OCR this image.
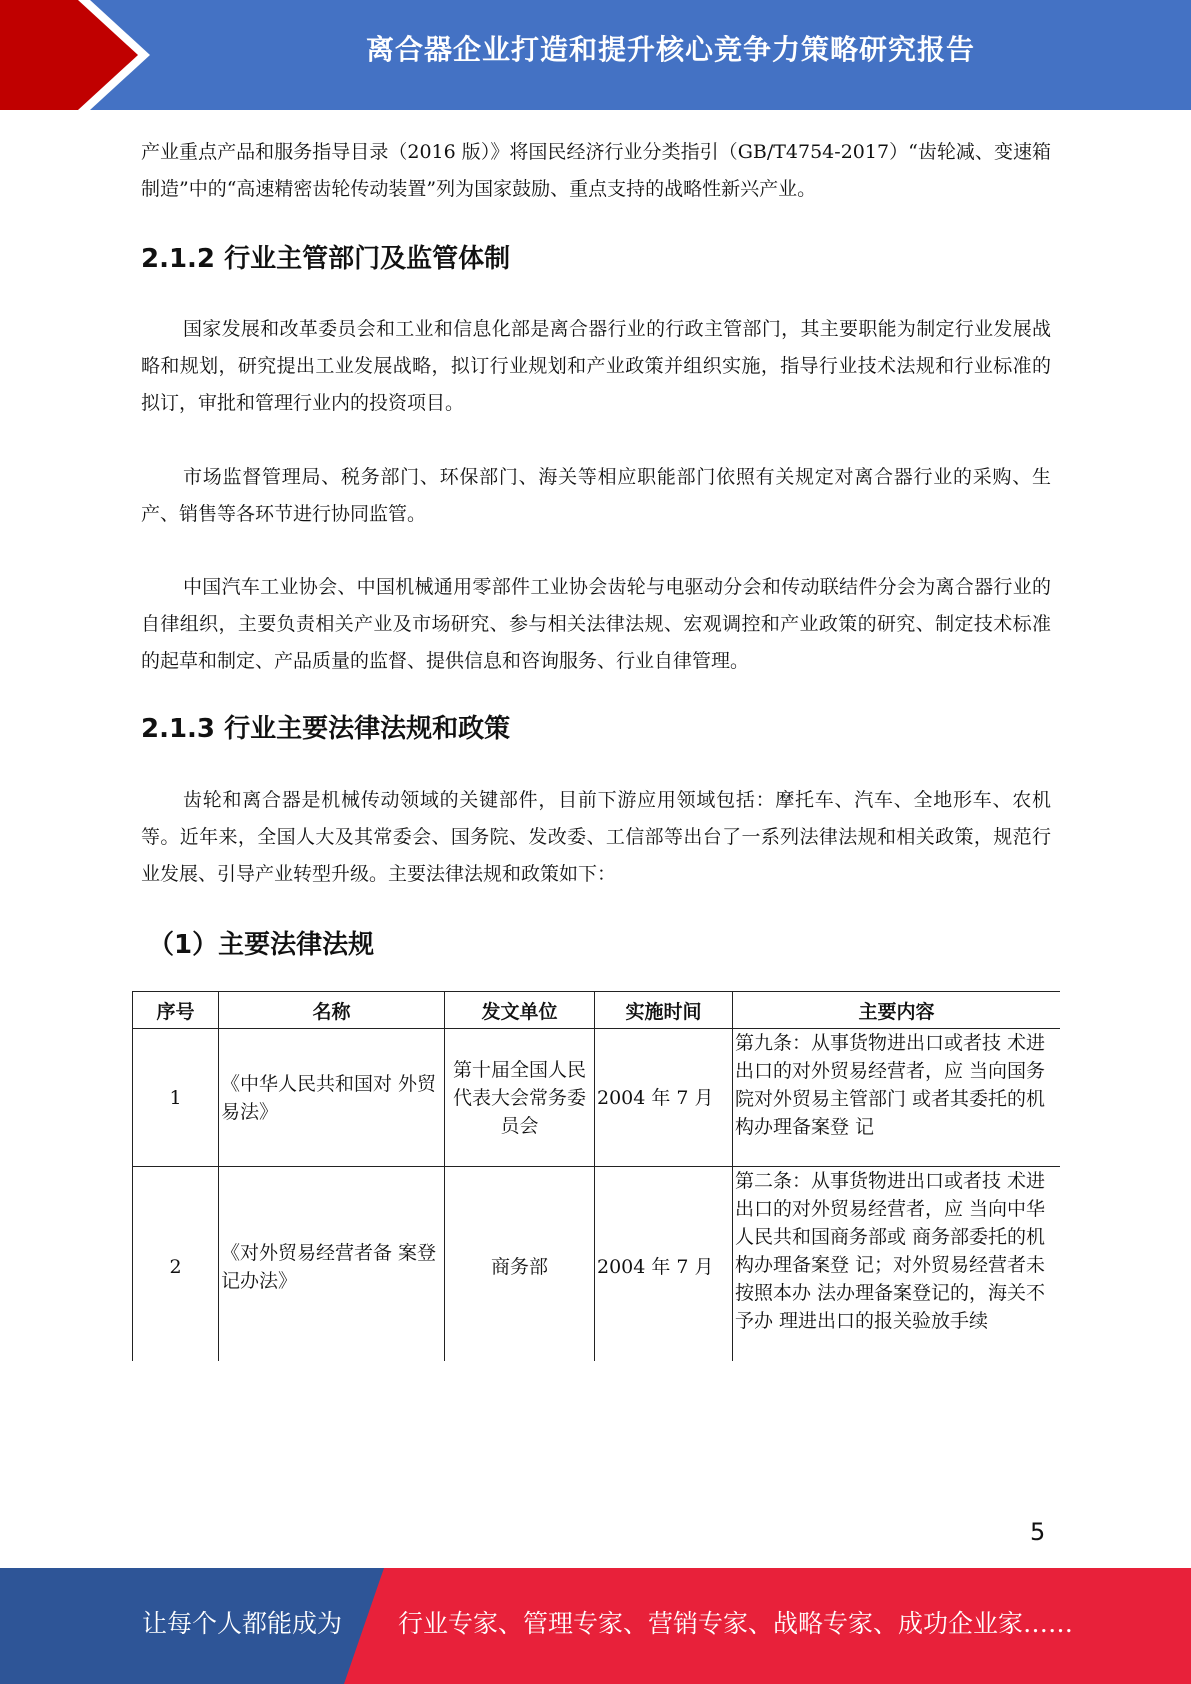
离合器企业打造和提升核心竞争力策略研究报告

产业重点产品和服务指导目录（2016 版）》将国民经济行业分类指引（GB/T4754-2017）“齿轮减、变速箱制造”中的“高速精密齿轮传动装置”列为国家鼓励、重点支持的战略性新兴产业。

2.1.2 行业主管部门及监管体制

国家发展和改革委员会和工业和信息化部是离合器行业的行政主管部门，其主要职能为制定行业发展战略和规划，研究提出工业发展战略，拟订行业规划和产业政策并组织实施，指导行业技术法规和行业标准的拟订，审批和管理行业内的投资项目。

市场监督管理局、税务部门、环保部门、海关等相应职能部门依照有关规定对离合器行业的采购、生产、销售等各环节进行协同监管。

中国汽车工业协会、中国机械通用零部件工业协会齿轮与电驱动分会和传动联结件分会为离合器行业的自律组织，主要负责相关产业及市场研究、参与相关法律法规、宏观调控和产业政策的研究、制定技术标准的起草和制定、产品质量的监督、提供信息和咨询服务、行业自律管理。

2.1.3 行业主要法律法规和政策

齿轮和离合器是机械传动领域的关键部件，目前下游应用领域包括：摩托车、汽车、全地形车、农机等。近年来，全国人大及其常委会、国务院、发改委、工信部等出台了一系列法律法规和相关政策，规范行业发展、引导产业转型升级。主要法律法规和政策如下：

（1）主要法律法规
序号	名称	发文单位	实施时间	主要内容
1	《中华人民共和国对 外贸易法》	第十届全国人民代表大会常务委员会	2004 年 7 月	第九条：从事货物进出口或者技 术进出口的对外贸易经营者，应 当向国务院对外贸易主管部门 或者其委托的机构办理备案登 记
2	《对外贸易经营者备 案登记办法》	商务部	2004 年 7 月	第二条：从事货物进出口或者技 术进出口的对外贸易经营者，应 当向中华人民共和国商务部或 商务部委托的机构办理备案登 记；对外贸易经营者未按照本办 法办理备案登记的，海关不予办 理进出口的报关验放手续
5
让每个人都能成为 行业专家、管理专家、营销专家、战略专家、成功企业家……
